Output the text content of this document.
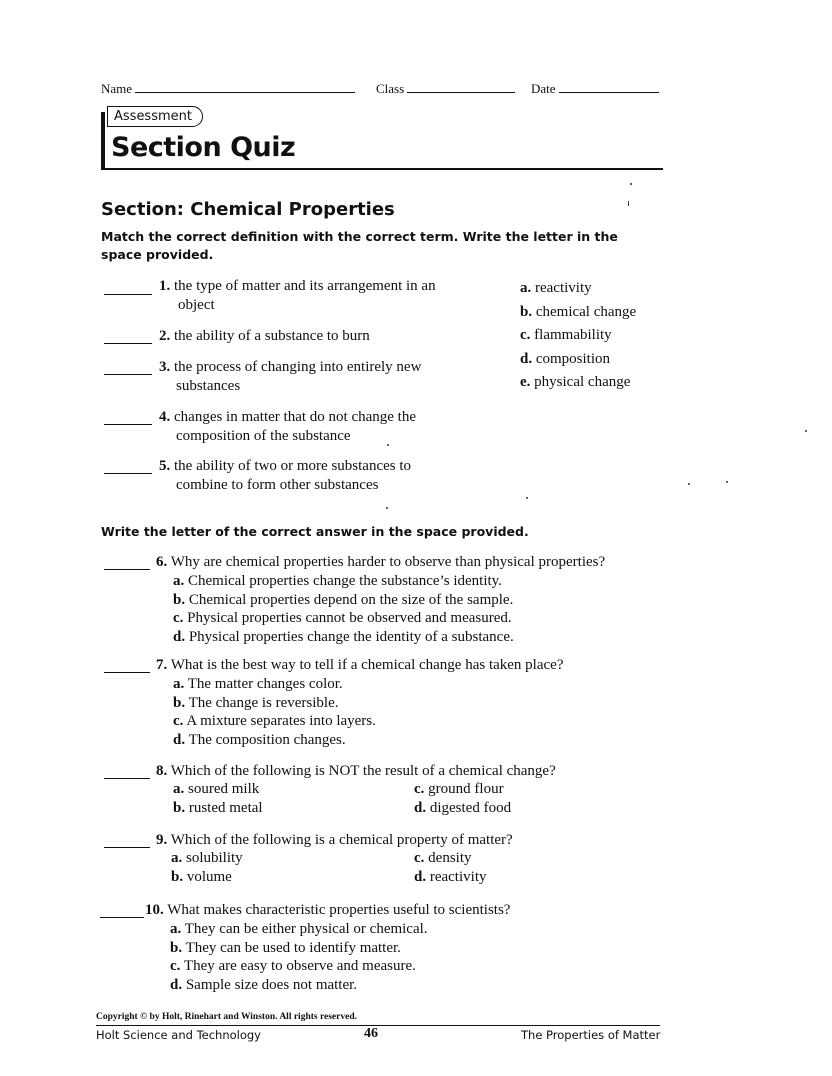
Name	Class	Date
Assessment
Section Quiz
Section: Chemical Properties
Match the correct definition with the correct term. Write the letter in the space provided.
1. the type of matter and its arrangement in an
object
2. the ability of a substance to burn
3. the process of changing into entirely new
substances
4. changes in matter that do not change the
composition of the substance
5. the ability of two or more substances to
combine to form other substances
a. reactivity
b. chemical change
c. flammability
d. composition
e. physical change
Write the letter of the correct answer in the space provided.
6. Why are chemical properties harder to observe than physical properties?
a. Chemical properties change the substance’s identity.
b. Chemical properties depend on the size of the sample.
c. Physical properties cannot be observed and measured.
d. Physical properties change the identity of a substance.
7. What is the best way to tell if a chemical change has taken place?
a. The matter changes color.
b. The change is reversible.
c. A mixture separates into layers.
d. The composition changes.
8. Which of the following is NOT the result of a chemical change?
a. soured milk
b. rusted metal
c. ground flour
d. digested food
9. Which of the following is a chemical property of matter?
a. solubility
b. volume
c. density
d. reactivity
10. What makes characteristic properties useful to scientists?
a. They can be either physical or chemical.
b. They can be used to identify matter.
c. They are easy to observe and measure.
d. Sample size does not matter.
Copyright © by Holt, Rinehart and Winston. All rights reserved.
Holt Science and Technology	46	The Properties of Matter
